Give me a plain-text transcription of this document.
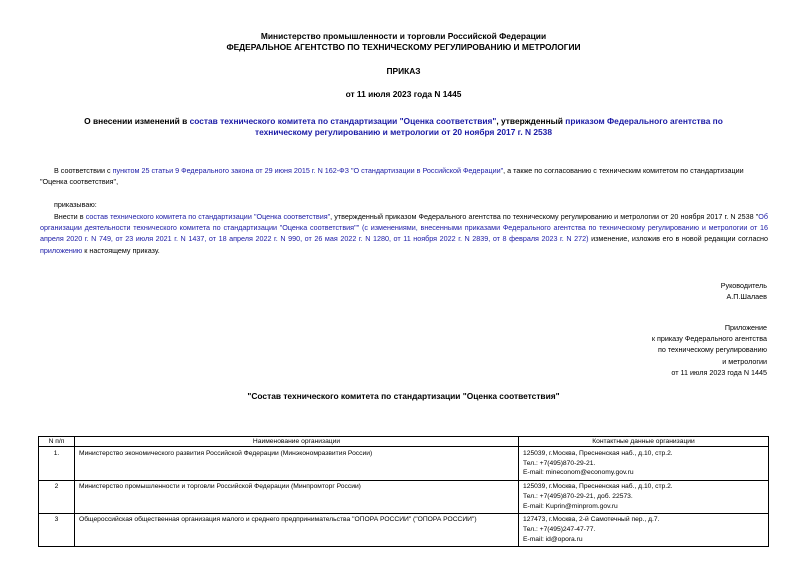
Министерство промышленности и торговли Российской Федерации
ФЕДЕРАЛЬНОЕ АГЕНТСТВО ПО ТЕХНИЧЕСКОМУ РЕГУЛИРОВАНИЮ И МЕТРОЛОГИИ
ПРИКАЗ
от 11 июля 2023 года N 1445
О внесении изменений в состав технического комитета по стандартизации "Оценка соответствия", утвержденный приказом Федерального агентства по
техническому регулированию и метрологии от 20 ноября 2017 г. N 2538
В соответствии с пунктом 25 статьи 9 Федерального закона от 29 июня 2015 г. N 162-ФЗ "О стандартизации в Российской Федерации", а также по согласованию с техническим комитетом по стандартизации
"Оценка соответствия",
приказываю:
Внести в состав технического комитета по стандартизации "Оценка соответствия", утвержденный приказом Федерального агентства по техническому регулированию и метрологии от 20 ноября 2017 г. N 2538 "Об организации деятельности технического комитета по стандартизации "Оценка соответствия"" (с изменениями, внесенными приказами Федерального агентства по техническому регулированию и метрологии от 16 апреля 2020 г. N 749, от 23 июля 2021 г. N 1437, от 18 апреля 2022 г. N 990, от 26 мая 2022 г. N 1280, от 11 ноября 2022 г. N 2839, от 8 февраля 2023 г. N 272) изменение, изложив его в новой редакции согласно приложению к настоящему приказу.
Руководитель
А.П.Шалаев
Приложение
к приказу Федерального агентства
по техническому регулированию
и метрологии
от 11 июля 2023 года N 1445
"Состав технического комитета по стандартизации "Оценка соответствия"
N п/п	Наименование организации	Контактные данные организации
1.	Министерство экономического развития Российской Федерации (Минэкономразвития России)	125039, г.Москва, Пресненская наб., д.10, стр.2.
Тел.: +7(495)870-29-21.
E-mail: mineconom@economy.gov.ru

2	Министерство промышленности и торговли Российской Федерации (Минпромторг России)	125039, г.Москва, Пресненская наб., д.10, стр.2.
Тел.: +7(495)870-29-21, доб. 22573.
E-mail: Kuprin@minprom.gov.ru

3	Общероссийская общественная организация малого и среднего предпринимательства "ОПОРА РОССИИ" ("ОПОРА РОССИИ")	127473, г.Москва, 2-й Самотечный пер., д.7.
Тел.: +7(495)247-47-77.
E-mail: id@opora.ru
